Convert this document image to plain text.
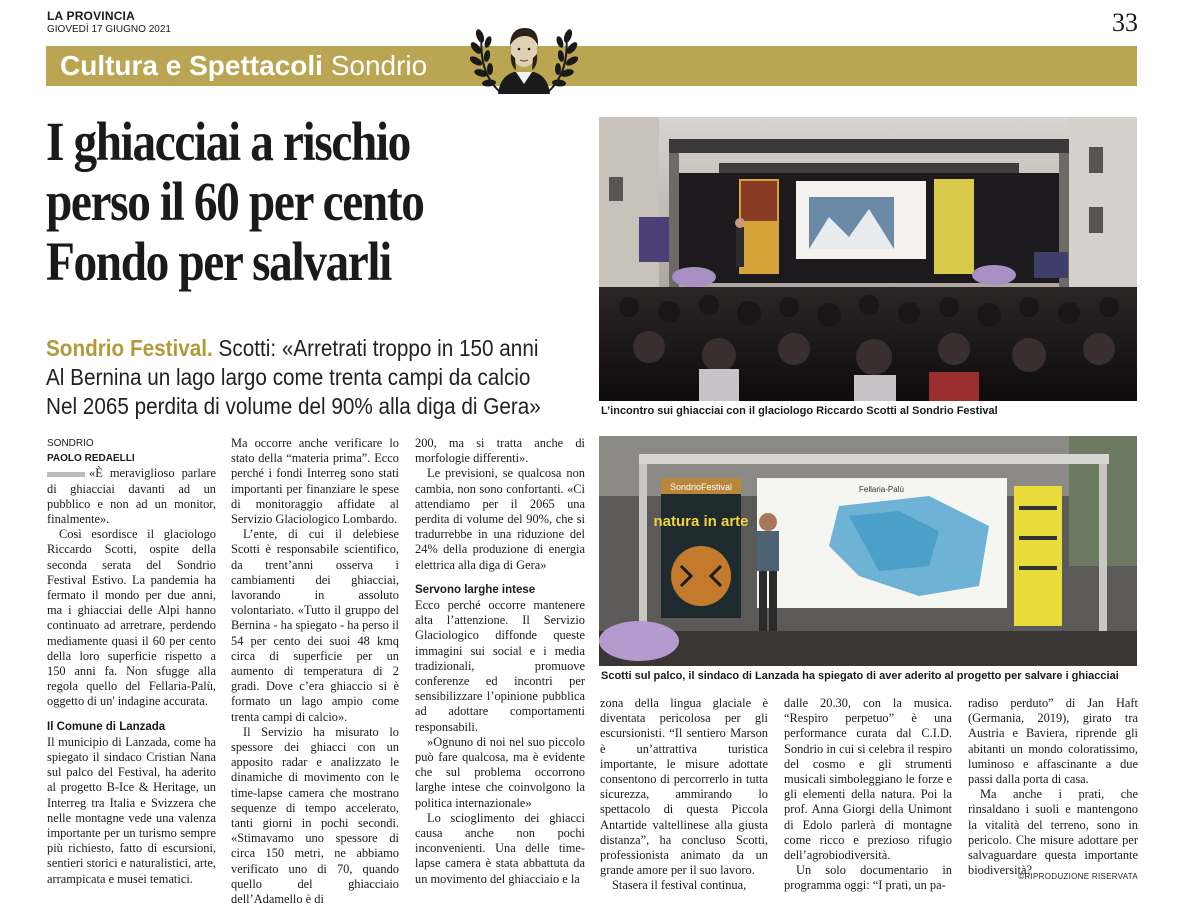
LA PROVINCIA
GIOVEDÌ 17 GIUGNO 2021	33
Cultura e Spettacoli Sondrio
I ghiacciai a rischio
perso il 60 per cento
Fondo per salvarli
Sondrio Festival. Scotti: «Arretrati troppo in 150 anni
Al Bernina un lago largo come trenta campi da calcio
Nel 2065 perdita di volume del 90% alla diga di Gera»	L’incontro sui ghiacciai con il glaciologo Riccardo Scotti al Sondrio Festival
SondrioFestival
natura in arte
Fellaria-Palù
Scotti sul palco, il sindaco di Lanzada ha spiegato di aver aderito al progetto per salvare i ghiacciai
SONDRIO
PAOLO REDAELLI

«È meraviglioso parlare di ghiacciai davanti ad un pubblico e non ad un monitor, finalmente».

Così esordisce il glaciologo Riccardo Scotti, ospite della seconda serata del Sondrio Festival Estivo. La pandemia ha fermato il mondo per due anni, ma i ghiacciai delle Alpi hanno continuato ad arretrare, perdendo mediamente quasi il 60 per cento della loro superficie rispetto a 150 anni fa. Non sfugge alla regola quello del Fellaria-Palù, oggetto di un' indagine accurata.

Il Comune di Lanzada

Il municipio di Lanzada, come ha spiegato il sindaco Cristian Nana sul palco del Festival, ha aderito al progetto B-Ice & Heritage, un Interreg tra Italia e Svizzera che nelle montagne vede una valenza importante per un turismo sempre più richiesto, fatto di escursioni, sentieri storici e naturalistici, arte, arrampicata e musei tematici.

Ma occorre anche verificare lo stato della “materia prima”. Ecco perché i fondi Interreg sono stati importanti per finanziare le spese di monitoraggio affidate al Servizio Glaciologico Lombardo.

L’ente, di cui il delebiese Scotti è responsabile scientifico, da trent’anni osserva i cambiamenti dei ghiacciai, lavorando in assoluto volontariato. «Tutto il gruppo del Bernina - ha spiegato - ha perso il 54 per cento dei suoi 48 kmq circa di superficie per un aumento di temperatura di 2 gradi. Dove c’era ghiaccio si è formato un lago ampio come trenta campi di calcio».

Il Servizio ha misurato lo spessore dei ghiacci con un apposito radar e analizzato le dinamiche di movimento con le time-lapse camera che mostrano sequenze di tempo accelerato, tanti giorni in pochi secondi. «Stimavamo uno spessore di circa 150 metri, ne abbiamo verificato uno di 70, quando quello del ghiacciaio dell’Adamello è di

200, ma si tratta anche di morfologie differenti».

Le previsioni, se qualcosa non cambia, non sono confortanti. «Ci attendiamo per il 2065 una perdita di volume del 90%, che si tradurrebbe in una riduzione del 24% della produzione di energia elettrica alla diga di Gera»

Servono larghe intese

Ecco perché occorre mantenere alta l’attenzione. Il Servizio Glaciologico diffonde queste immagini sui social e i media tradizionali, promuove conferenze ed incontri per sensibilizzare l’opinione pubblica ad adottare comportamenti responsabili.

»Ognuno di noi nel suo piccolo può fare qualcosa, ma è evidente che sul problema occorrono larghe intese che coinvolgono la politica internazionale»

Lo scioglimento dei ghiacci causa anche non pochi inconvenienti. Una delle time-lapse camera è stata abbattuta da un movimento del ghiacciaio e la

zona della lingua glaciale è diventata pericolosa per gli escursionisti. “Il sentiero Marson è un’attrattiva turistica importante, le misure adottate consentono di percorrerlo in tutta sicurezza, ammirando lo spettacolo di questa Piccola Antartide valtellinese alla giusta distanza”, ha concluso Scotti, professionista animato da un grande amore per il suo lavoro.

Stasera il festival continua,

dalle 20.30, con la musica. “Respiro perpetuo” è una performance curata dal C.I.D. Sondrio in cui si celebra il respiro del cosmo e gli strumenti musicali simboleggiano le forze e gli elementi della natura. Poi la prof. Anna Giorgi della Unimont di Edolo parlerà di montagne come ricco e prezioso rifugio dell’agrobiodiversità.

Un solo documentario in programma oggi: “I prati, un pa-

radiso perduto” di Jan Haft (Germania, 2019), girato tra Austria e Baviera, riprende gli abitanti un mondo coloratissimo, luminoso e affascinante a due passi dalla porta di casa.

Ma anche i prati, che rinsaldano i suoli e mantengono la vitalità del terreno, sono in pericolo. Che misure adottare per salvaguardare questa importante biodiversità?

©RIPRODUZIONE RISERVATA
